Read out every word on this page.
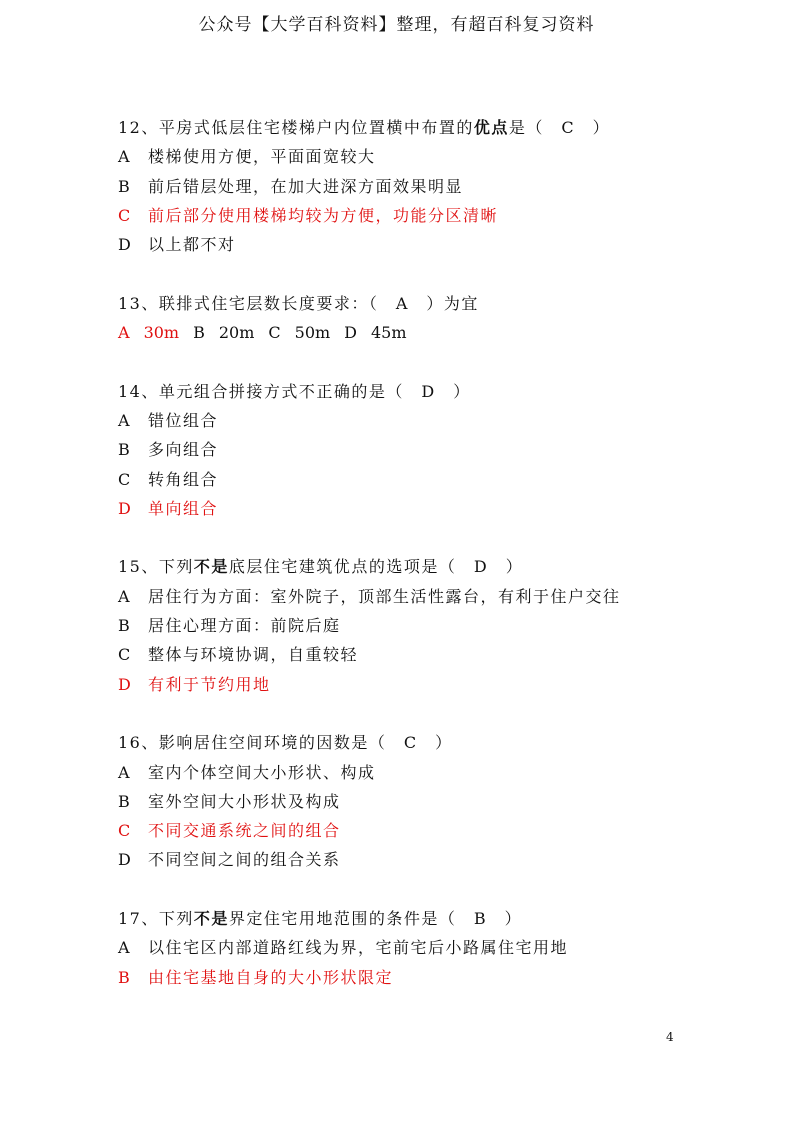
公众号【大学百科资料】整理，有超百科复习资料
12、平房式低层住宅楼梯户内位置横中布置的优点是（　C　）
A 楼梯使用方便，平面面宽较大
B 前后错层处理，在加大进深方面效果明显
C 前后部分使用楼梯均较为方便，功能分区清晰
D 以上都不对
13、联排式住宅层数长度要求：（　A　）为宜
A 30m B 20m C 50m D 45m
14、单元组合拼接方式不正确的是（　D　）
A 错位组合
B 多向组合
C 转角组合
D 单向组合
15、下列不是底层住宅建筑优点的选项是（　D　）
A 居住行为方面：室外院子，顶部生活性露台，有利于住户交往
B 居住心理方面：前院后庭
C 整体与环境协调，自重较轻
D 有利于节约用地
16、影响居住空间环境的因数是（　C　）
A 室内个体空间大小形状、构成
B 室外空间大小形状及构成
C 不同交通系统之间的组合
D 不同空间之间的组合关系
17、下列不是界定住宅用地范围的条件是（　B　）
A 以住宅区内部道路红线为界，宅前宅后小路属住宅用地
B 由住宅基地自身的大小形状限定
4
